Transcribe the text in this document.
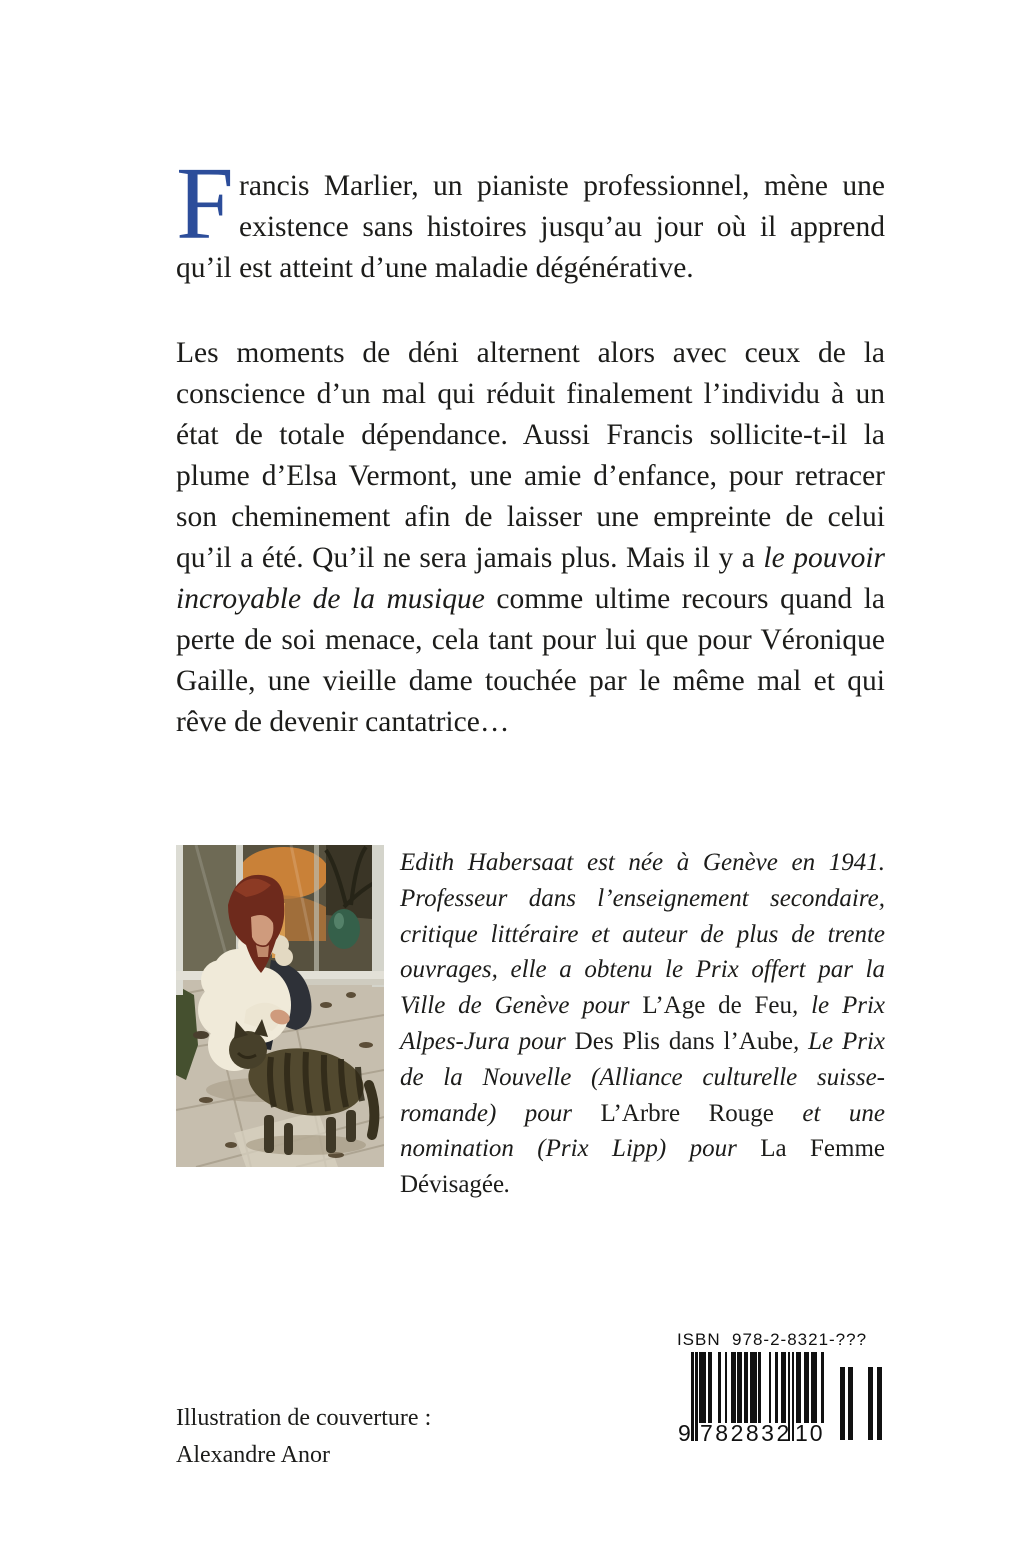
Francis Marlier, un pianiste professionnel, mène une existence sans histoires jusqu’au jour où il apprend qu’il est atteint d’une maladie dégénérative.

Les moments de déni alternent alors avec ceux de la conscience d’un mal qui réduit finalement l’individu à un état de totale dépendance. Aussi Francis sollicite-t-il la plume d’Elsa Vermont, une amie d’enfance, pour retracer son cheminement afin de laisser une empreinte de celui qu’il a été. Qu’il ne sera jamais plus. Mais il y a le pouvoir incroyable de la musique comme ultime recours quand la perte de soi menace, cela tant pour lui que pour Véronique Gaille, une vieille dame touchée par le même mal et qui rêve de devenir cantatrice…

Edith Habersaat est née à Genève en 1941. Professeur dans l’enseignement secondaire, critique littéraire et auteur de plus de trente ouvrages, elle a obtenu le Prix offert par la Ville de Genève pour L’Age de Feu, le Prix Alpes-Jura pour Des Plis dans l’Aube, Le Prix de la Nouvelle (Alliance culturelle suisse-romande) pour L’Arbre Rouge et une nomination (Prix Lipp) pour La Femme Dévisagée.

Illustration de couverture :

Alexandre Anor

ISBN  978-2-8321-???
9 782832 10
